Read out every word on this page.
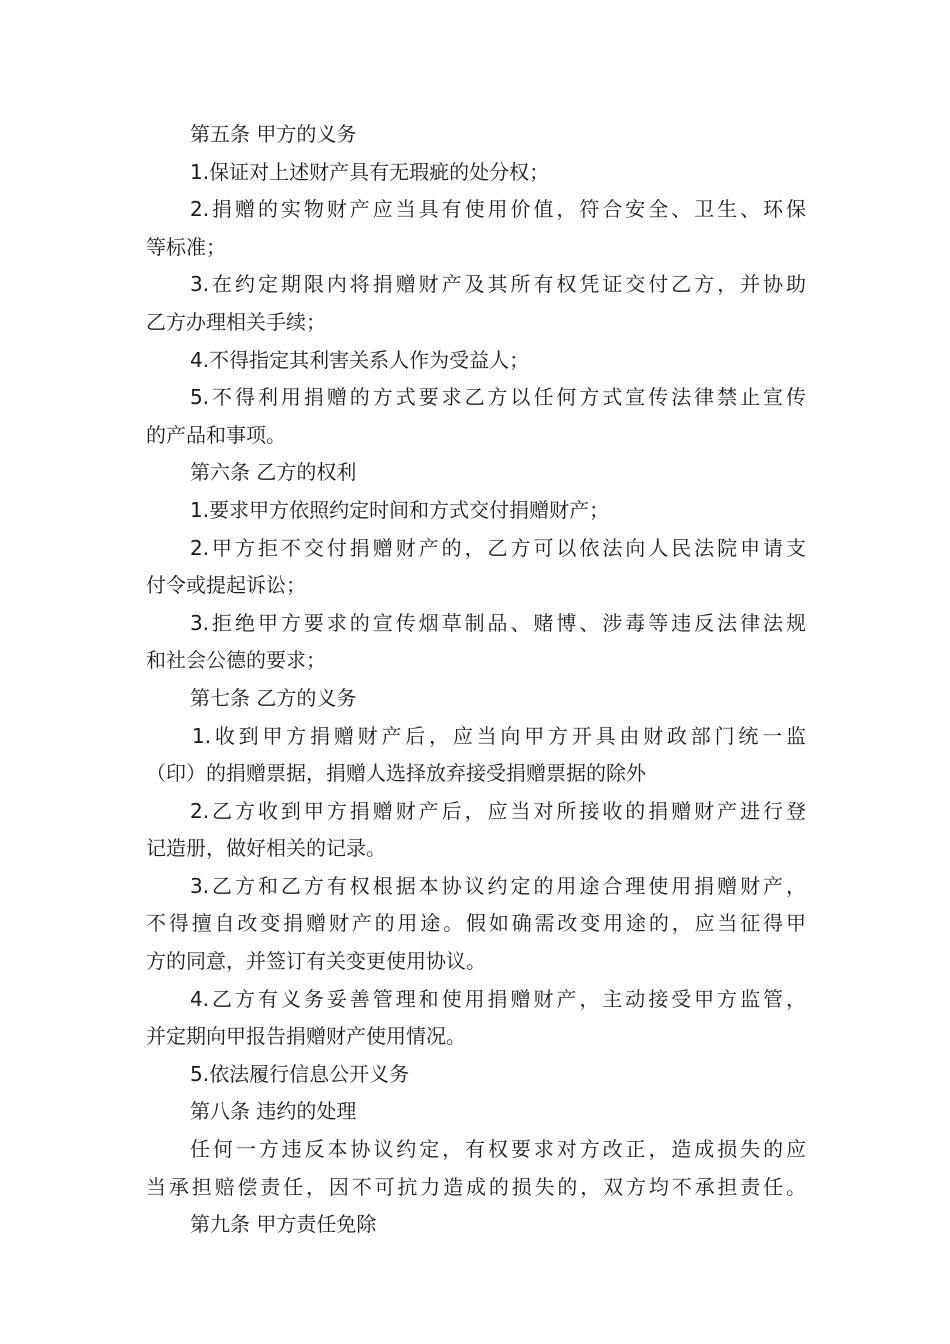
第五条 甲方的义务
1.保证对上述财产具有无瑕疵的处分权；
2.捐赠的实物财产应当具有使用价值，符合安全、卫生、环保
等标准；
3.在约定期限内将捐赠财产及其所有权凭证交付乙方，并协助
乙方办理相关手续；
4.不得指定其利害关系人作为受益人；
5.不得利用捐赠的方式要求乙方以任何方式宣传法律禁止宣传
的产品和事项。
第六条 乙方的权利
1.要求甲方依照约定时间和方式交付捐赠财产；
2.甲方拒不交付捐赠财产的，乙方可以依法向人民法院申请支
付令或提起诉讼；
3.拒绝甲方要求的宣传烟草制品、赌博、涉毒等违反法律法规
和社会公德的要求；
第七条 乙方的义务
1.收到甲方捐赠财产后，应当向甲方开具由财政部门统一监
（印）的捐赠票据，捐赠人选择放弃接受捐赠票据的除外
2.乙方收到甲方捐赠财产后，应当对所接收的捐赠财产进行登
记造册，做好相关的记录。
3.乙方和乙方有权根据本协议约定的用途合理使用捐赠财产，
不得擅自改变捐赠财产的用途。假如确需改变用途的，应当征得甲
方的同意，并签订有关变更使用协议。
4.乙方有义务妥善管理和使用捐赠财产，主动接受甲方监管，
并定期向甲报告捐赠财产使用情况。
5.依法履行信息公开义务
第八条 违约的处理
任何一方违反本协议约定，有权要求对方改正，造成损失的应
当承担赔偿责任，因不可抗力造成的损失的，双方均不承担责任。
第九条 甲方责任免除
